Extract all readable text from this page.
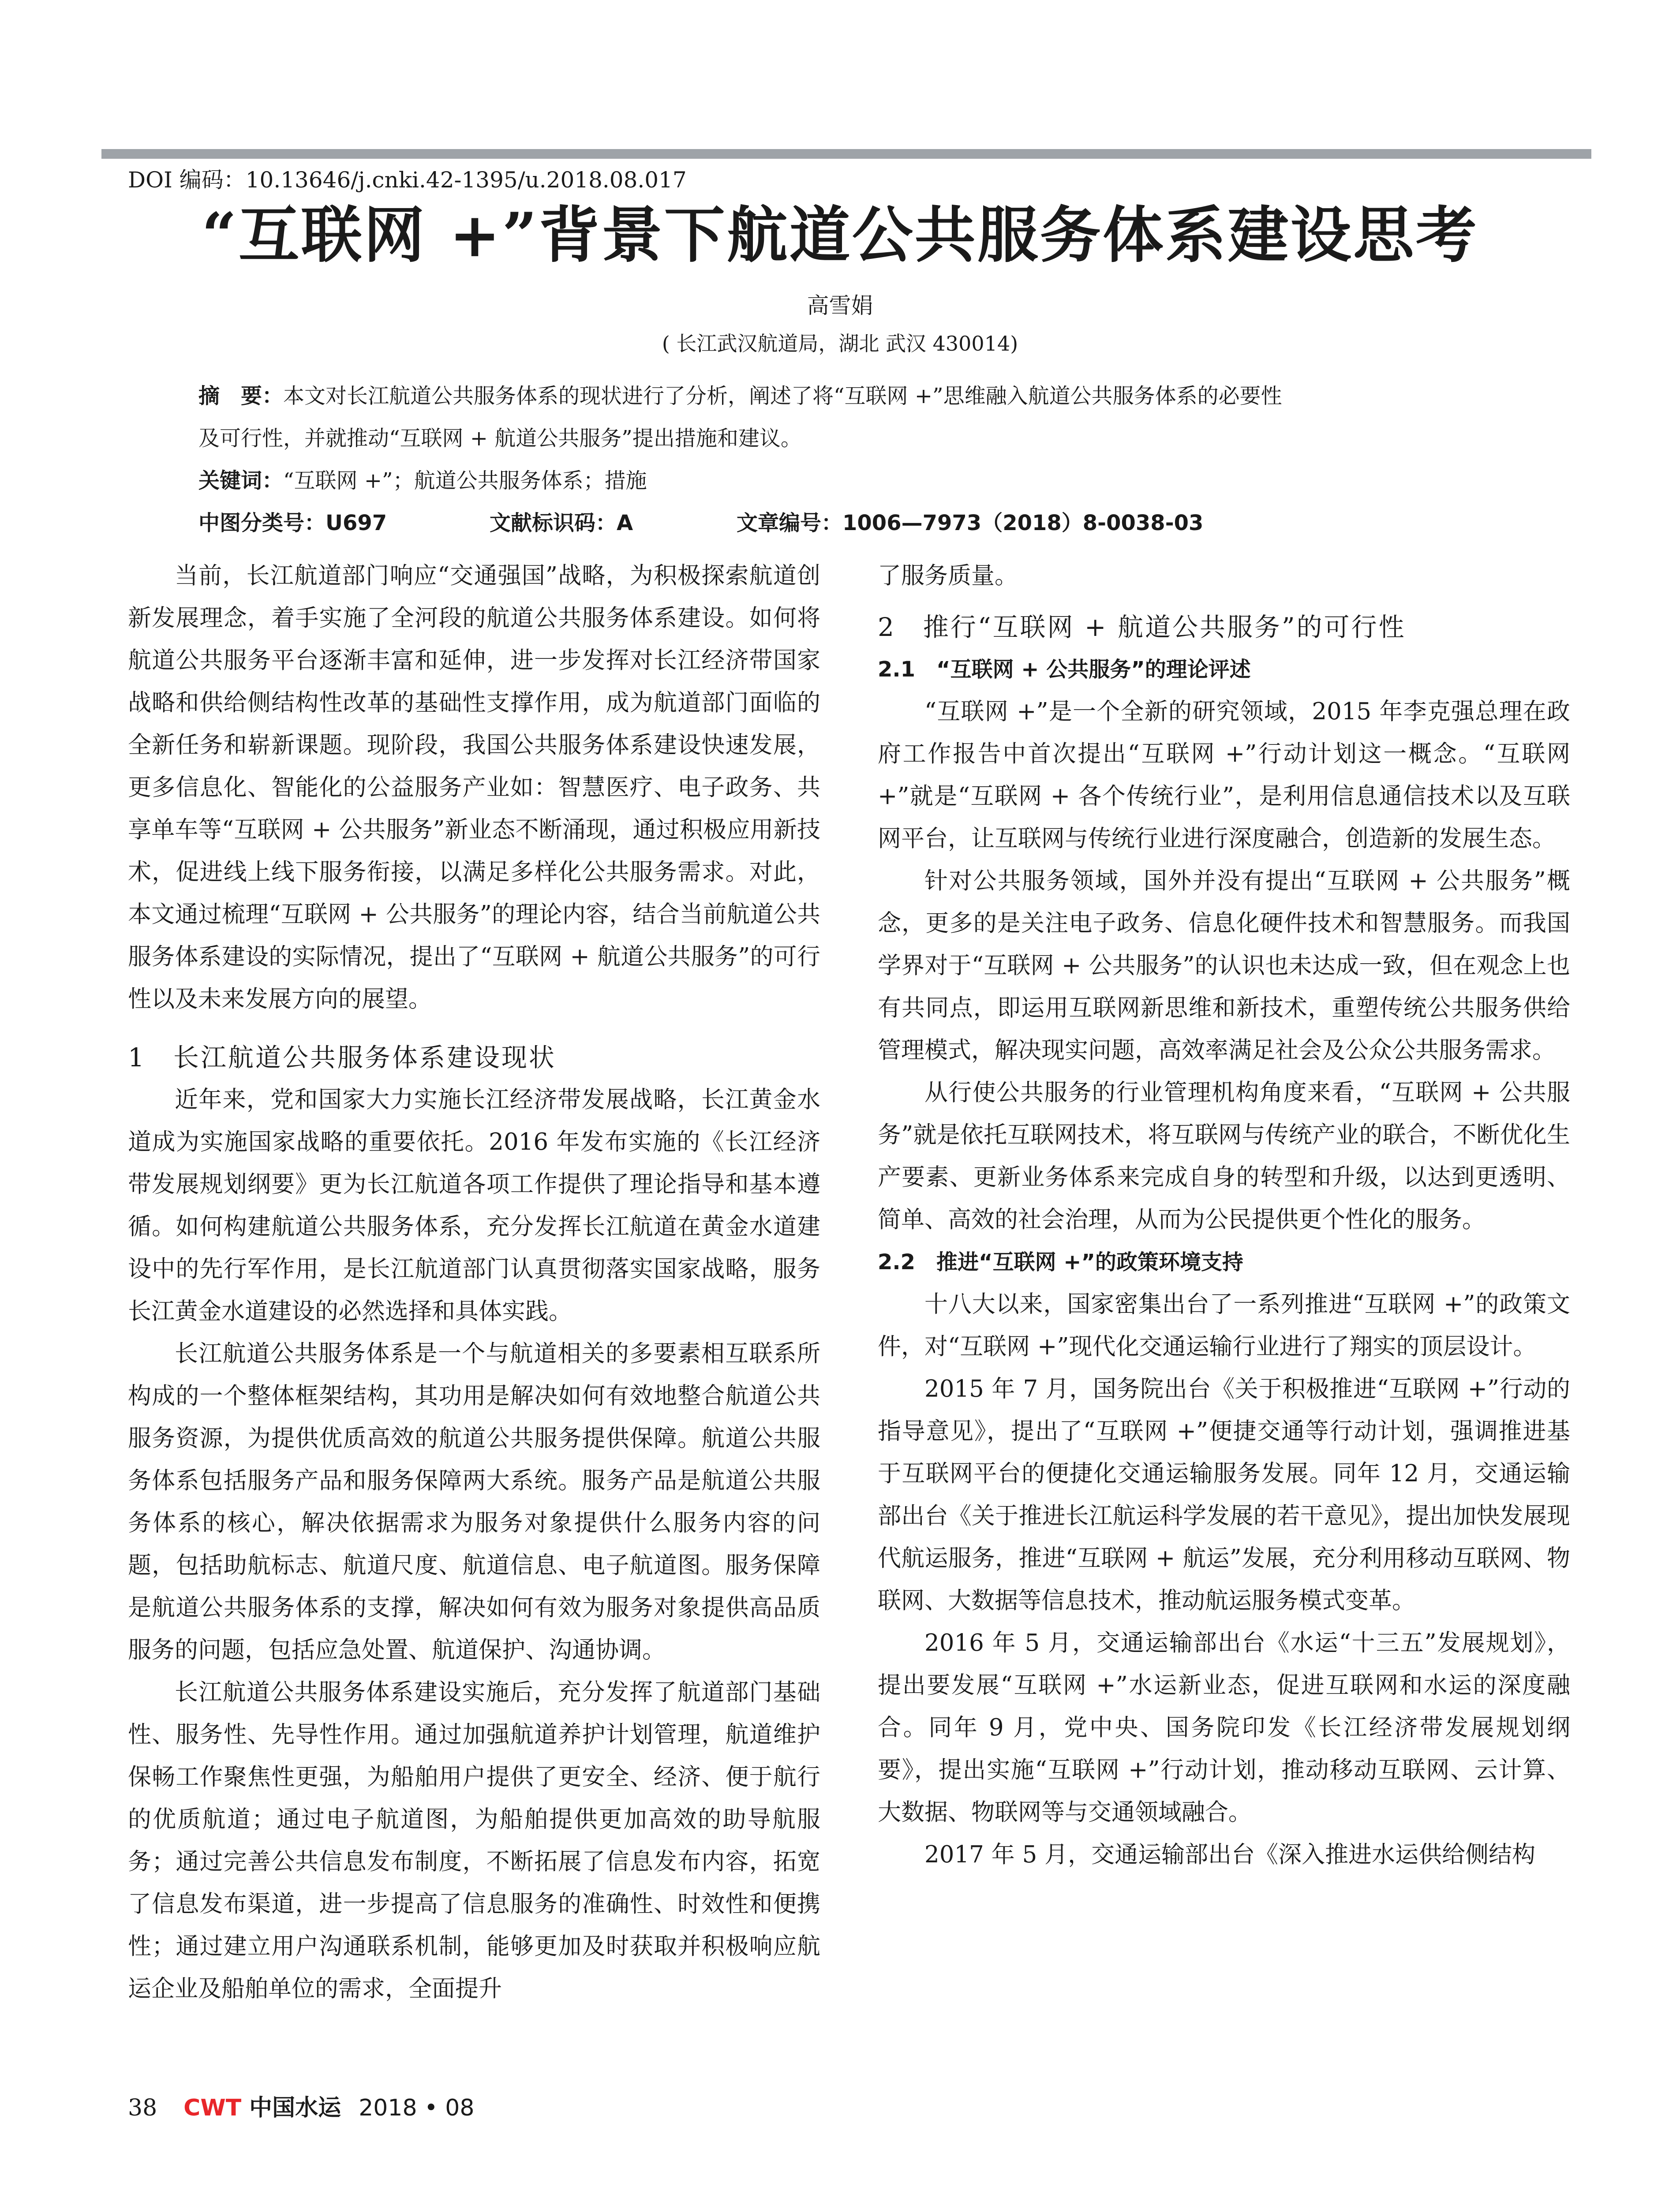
DOI 编码：10.13646/j.cnki.42-1395/u.2018.08.017
“互联网 +”背景下航道公共服务体系建设思考
高雪娟
( 长江武汉航道局，湖北 武汉 430014)
摘　要：本文对长江航道公共服务体系的现状进行了分析，阐述了将“互联网 +”思维融入航道公共服务体系的必要性
及可行性，并就推动“互联网 + 航道公共服务”提出措施和建议。
关键词：“互联网 +”；航道公共服务体系；措施
中图分类号：U697	文献标识码：A	文章编号：1006—7973（2018）8-0038-03

当前，长江航道部门响应“交通强国”战略，为积极探索航道创新发展理念，着手实施了全河段的航道公共服务体系建设。如何将航道公共服务平台逐渐丰富和延伸，进一步发挥对长江经济带国家战略和供给侧结构性改革的基础性支撑作用，成为航道部门面临的全新任务和崭新课题。现阶段，我国公共服务体系建设快速发展，更多信息化、智能化的公益服务产业如：智慧医疗、电子政务、共享单车等“互联网 + 公共服务”新业态不断涌现，通过积极应用新技术，促进线上线下服务衔接，以满足多样化公共服务需求。对此，本文通过梳理“互联网 + 公共服务”的理论内容，结合当前航道公共服务体系建设的实际情况，提出了“互联网 + 航道公共服务”的可行性以及未来发展方向的展望。

1　长江航道公共服务体系建设现状

近年来，党和国家大力实施长江经济带发展战略，长江黄金水道成为实施国家战略的重要依托。2016 年发布实施的《长江经济带发展规划纲要》更为长江航道各项工作提供了理论指导和基本遵循。如何构建航道公共服务体系，充分发挥长江航道在黄金水道建设中的先行军作用，是长江航道部门认真贯彻落实国家战略，服务长江黄金水道建设的必然选择和具体实践。

长江航道公共服务体系是一个与航道相关的多要素相互联系所构成的一个整体框架结构，其功用是解决如何有效地整合航道公共服务资源，为提供优质高效的航道公共服务提供保障。航道公共服务体系包括服务产品和服务保障两大系统。服务产品是航道公共服务体系的核心，解决依据需求为服务对象提供什么服务内容的问题，包括助航标志、航道尺度、航道信息、电子航道图。服务保障是航道公共服务体系的支撑，解决如何有效为服务对象提供高品质服务的问题，包括应急处置、航道保护、沟通协调。

长江航道公共服务体系建设实施后，充分发挥了航道部门基础性、服务性、先导性作用。通过加强航道养护计划管理，航道维护保畅工作聚焦性更强，为船舶用户提供了更安全、经济、便于航行的优质航道；通过电子航道图，为船舶提供更加高效的助导航服务；通过完善公共信息发布制度，不断拓展了信息发布内容，拓宽了信息发布渠道，进一步提高了信息服务的准确性、时效性和便携性；通过建立用户沟通联系机制，能够更加及时获取并积极响应航运企业及船舶单位的需求，全面提升

了服务质量。

2　推行“互联网 + 航道公共服务”的可行性
2.1　“互联网 + 公共服务”的理论评述

“互联网 +”是一个全新的研究领域，2015 年李克强总理在政府工作报告中首次提出“互联网 +”行动计划这一概念。“互联网 +”就是“互联网 + 各个传统行业”，是利用信息通信技术以及互联网平台，让互联网与传统行业进行深度融合，创造新的发展生态。

针对公共服务领域，国外并没有提出“互联网 + 公共服务”概念，更多的是关注电子政务、信息化硬件技术和智慧服务。而我国学界对于“互联网 + 公共服务”的认识也未达成一致，但在观念上也有共同点，即运用互联网新思维和新技术，重塑传统公共服务供给管理模式，解决现实问题，高效率满足社会及公众公共服务需求。

从行使公共服务的行业管理机构角度来看，“互联网 + 公共服务”就是依托互联网技术，将互联网与传统产业的联合，不断优化生产要素、更新业务体系来完成自身的转型和升级，以达到更透明、简单、高效的社会治理，从而为公民提供更个性化的服务。

2.2　推进“互联网 +”的政策环境支持

十八大以来，国家密集出台了一系列推进“互联网 +”的政策文件，对“互联网 +”现代化交通运输行业进行了翔实的顶层设计。

2015 年 7 月，国务院出台《关于积极推进“互联网 +”行动的指导意见》，提出了“互联网 +”便捷交通等行动计划，强调推进基于互联网平台的便捷化交通运输服务发展。同年 12 月，交通运输部出台《关于推进长江航运科学发展的若干意见》，提出加快发展现代航运服务，推进“互联网 + 航运”发展，充分利用移动互联网、物联网、大数据等信息技术，推动航运服务模式变革。

2016 年 5 月，交通运输部出台《水运“十三五”发展规划》，提出要发展“互联网 +”水运新业态，促进互联网和水运的深度融合。同年 9 月，党中央、国务院印发《长江经济带发展规划纲要》，提出实施“互联网 +”行动计划，推动移动互联网、云计算、大数据、物联网等与交通领域融合。

2017 年 5 月，交通运输部出台《深入推进水运供给侧结构

38 CWT 中国水运 2018 • 08
